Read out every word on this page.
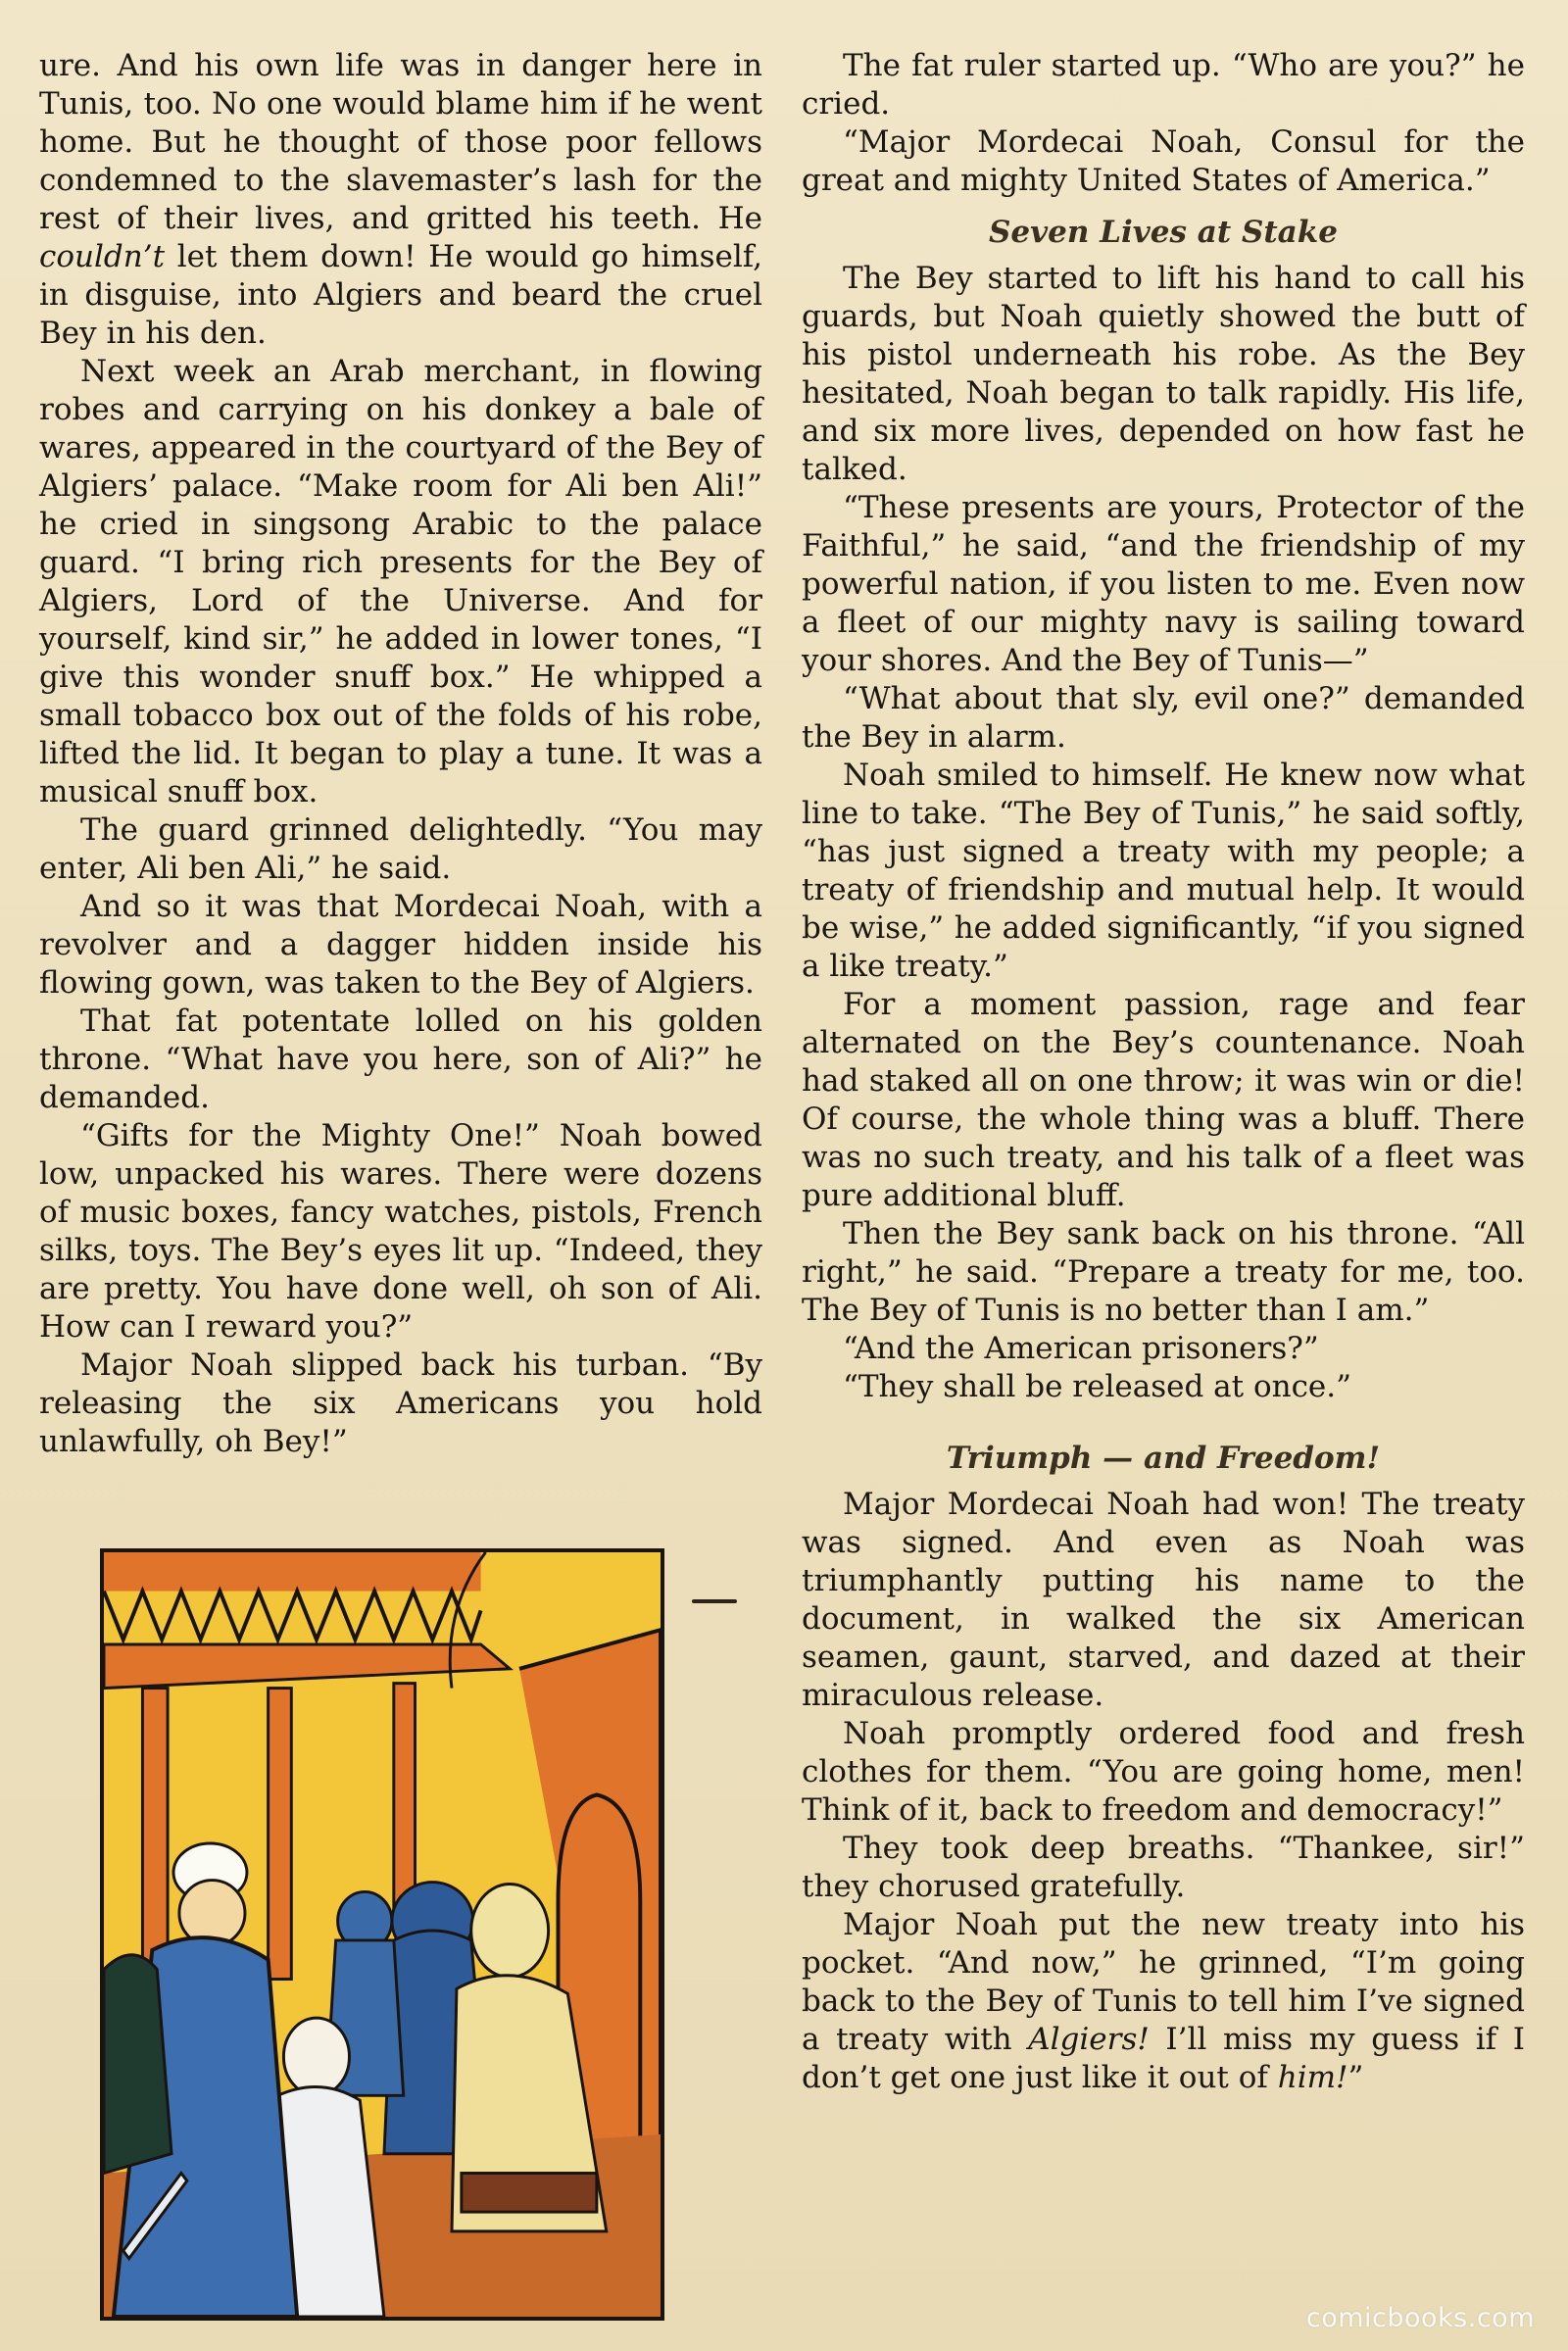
ure. And his own life was in danger here in Tunis, too. No one would blame him if he went home. But he thought of those poor fellows condemned to the slavemaster’s lash for the rest of their lives, and gritted his teeth. He couldn’t let them down! He would go himself, in disguise, into Algiers and beard the cruel Bey in his den.

Next week an Arab merchant, in flowing robes and carrying on his donkey a bale of wares, appeared in the courtyard of the Bey of Algiers’ palace. “Make room for Ali ben Ali!” he cried in singsong Arabic to the palace guard. “I bring rich presents for the Bey of Algiers, Lord of the Universe. And for yourself, kind sir,” he added in lower tones, “I give this wonder snuff box.” He whipped a small tobacco box out of the folds of his robe, lifted the lid. It began to play a tune. It was a musical snuff box.

The guard grinned delightedly. “You may enter, Ali ben Ali,” he said.

And so it was that Mordecai Noah, with a revolver and a dagger hidden inside his flowing gown, was taken to the Bey of Algiers.

That fat potentate lolled on his golden throne. “What have you here, son of Ali?” he demanded.

“Gifts for the Mighty One!” Noah bowed low, unpacked his wares. There were dozens of music boxes, fancy watches, pistols, French silks, toys. The Bey’s eyes lit up. “Indeed, they are pretty. You have done well, oh son of Ali. How can I reward you?”

Major Noah slipped back his turban. “By releasing the six Americans you hold unlawfully, oh Bey!”

The fat ruler started up. “Who are you?” he cried.

“Major Mordecai Noah, Consul for the great and mighty United States of America.”

Seven Lives at Stake

The Bey started to lift his hand to call his guards, but Noah quietly showed the butt of his pistol underneath his robe. As the Bey hesitated, Noah began to talk rapidly. His life, and six more lives, depended on how fast he talked.

“These presents are yours, Protector of the Faithful,” he said, “and the friendship of my powerful nation, if you listen to me. Even now a fleet of our mighty navy is sailing toward your shores. And the Bey of Tunis—”

“What about that sly, evil one?” demanded the Bey in alarm.

Noah smiled to himself. He knew now what line to take. “The Bey of Tunis,” he said softly, “has just signed a treaty with my people; a treaty of friendship and mutual help. It would be wise,” he added significantly, “if you signed a like treaty.”

For a moment passion, rage and fear alternated on the Bey’s countenance. Noah had staked all on one throw; it was win or die! Of course, the whole thing was a bluff. There was no such treaty, and his talk of a fleet was pure additional bluff.

Then the Bey sank back on his throne. “All right,” he said. “Prepare a treaty for me, too. The Bey of Tunis is no better than I am.”

“And the American prisoners?”

“They shall be released at once.”

Triumph — and Freedom!

Major Mordecai Noah had won! The treaty was signed. And even as Noah was triumphantly putting his name to the document, in walked the six American seamen, gaunt, starved, and dazed at their miraculous release.

Noah promptly ordered food and fresh clothes for them. “You are going home, men! Think of it, back to freedom and democracy!”

They took deep breaths. “Thankee, sir!” they chorused gratefully.

Major Noah put the new treaty into his pocket. “And now,” he grinned, “I’m going back to the Bey of Tunis to tell him I’ve signed a treaty with Algiers! I’ll miss my guess if I don’t get one just like it out of him!”

comicbooks.com
